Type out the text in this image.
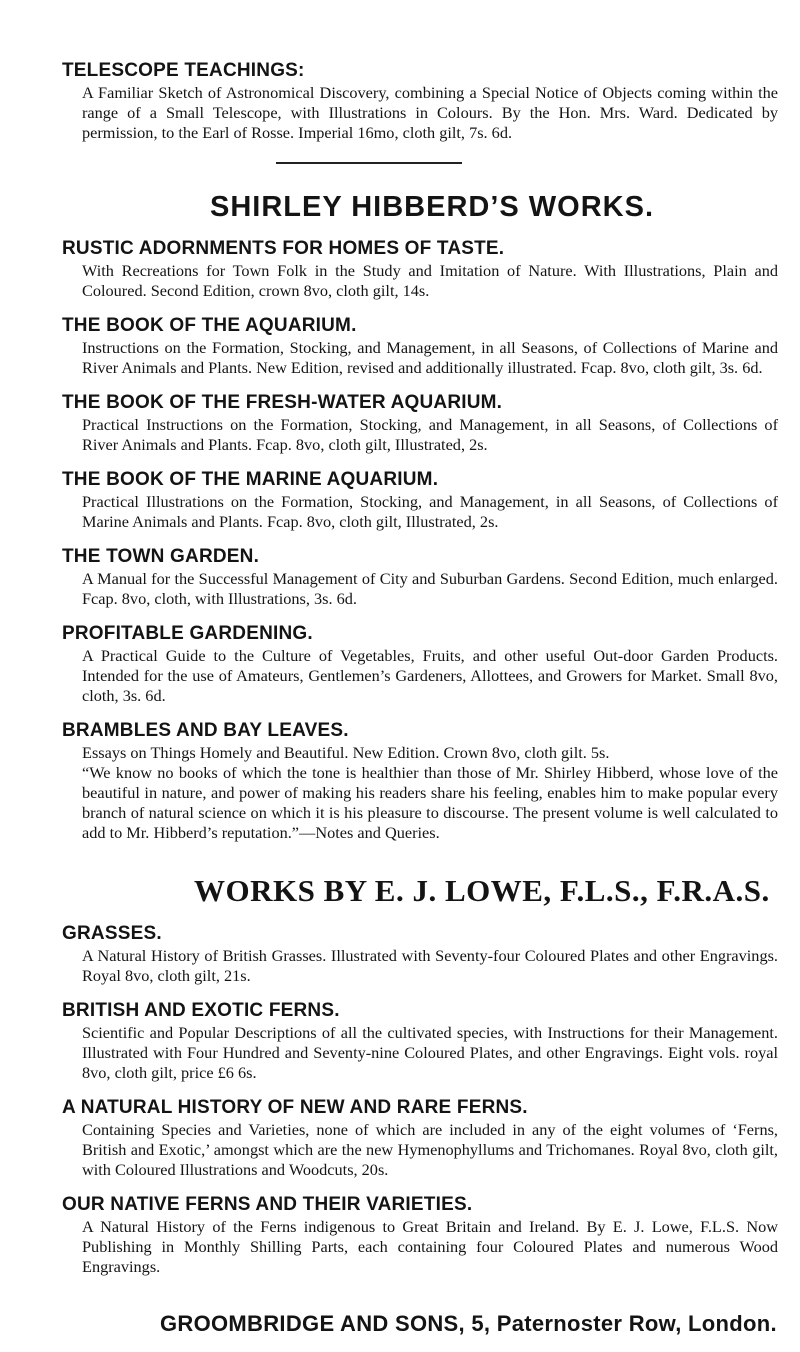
TELESCOPE TEACHINGS:

A Familiar Sketch of Astronomical Discovery, combining a Special Notice of Objects coming within the range of a Small Telescope, with Illustrations in Colours. By the Hon. Mrs. Ward. Dedicated by permission, to the Earl of Rosse. Imperial 16mo, cloth gilt, 7s. 6d.

SHIRLEY HIBBERD’S WORKS.
RUSTIC ADORNMENTS FOR HOMES OF TASTE.

With Recreations for Town Folk in the Study and Imitation of Nature. With Illustrations, Plain and Coloured. Second Edition, crown 8vo, cloth gilt, 14s.

THE BOOK OF THE AQUARIUM.

Instructions on the Formation, Stocking, and Management, in all Seasons, of Collections of Marine and River Animals and Plants. New Edition, revised and additionally illustrated. Fcap. 8vo, cloth gilt, 3s. 6d.

THE BOOK OF THE FRESH-WATER AQUARIUM.

Practical Instructions on the Formation, Stocking, and Management, in all Seasons, of Collections of River Animals and Plants. Fcap. 8vo, cloth gilt, Illustrated, 2s.

THE BOOK OF THE MARINE AQUARIUM.

Practical Illustrations on the Formation, Stocking, and Management, in all Seasons, of Collections of Marine Animals and Plants. Fcap. 8vo, cloth gilt, Illustrated, 2s.

THE TOWN GARDEN.

A Manual for the Successful Management of City and Suburban Gardens. Second Edition, much enlarged. Fcap. 8vo, cloth, with Illustrations, 3s. 6d.

PROFITABLE GARDENING.

A Practical Guide to the Culture of Vegetables, Fruits, and other useful Out-door Garden Products. Intended for the use of Amateurs, Gentlemen’s Gardeners, Allottees, and Growers for Market. Small 8vo, cloth, 3s. 6d.

BRAMBLES AND BAY LEAVES.

Essays on Things Homely and Beautiful. New Edition. Crown 8vo, cloth gilt. 5s.

“We know no books of which the tone is healthier than those of Mr. Shirley Hibberd, whose love of the beautiful in nature, and power of making his readers share his feeling, enables him to make popular every branch of natural science on which it is his pleasure to discourse. The present volume is well calculated to add to Mr. Hibberd’s reputation.”—Notes and Queries.

WORKS BY E. J. LOWE, F.L.S., F.R.A.S.
GRASSES.

A Natural History of British Grasses. Illustrated with Seventy-four Coloured Plates and other Engravings. Royal 8vo, cloth gilt, 21s.

BRITISH AND EXOTIC FERNS.

Scientific and Popular Descriptions of all the cultivated species, with Instructions for their Management. Illustrated with Four Hundred and Seventy-nine Coloured Plates, and other Engravings. Eight vols. royal 8vo, cloth gilt, price £6 6s.

A NATURAL HISTORY OF NEW AND RARE FERNS.

Containing Species and Varieties, none of which are included in any of the eight volumes of ‘Ferns, British and Exotic,’ amongst which are the new Hymenophyllums and Trichomanes. Royal 8vo, cloth gilt, with Coloured Illustrations and Woodcuts, 20s.

OUR NATIVE FERNS AND THEIR VARIETIES.

A Natural History of the Ferns indigenous to Great Britain and Ireland. By E. J. Lowe, F.L.S. Now Publishing in Monthly Shilling Parts, each containing four Coloured Plates and numerous Wood Engravings.

GROOMBRIDGE AND SONS, 5, Paternoster Row, London.
